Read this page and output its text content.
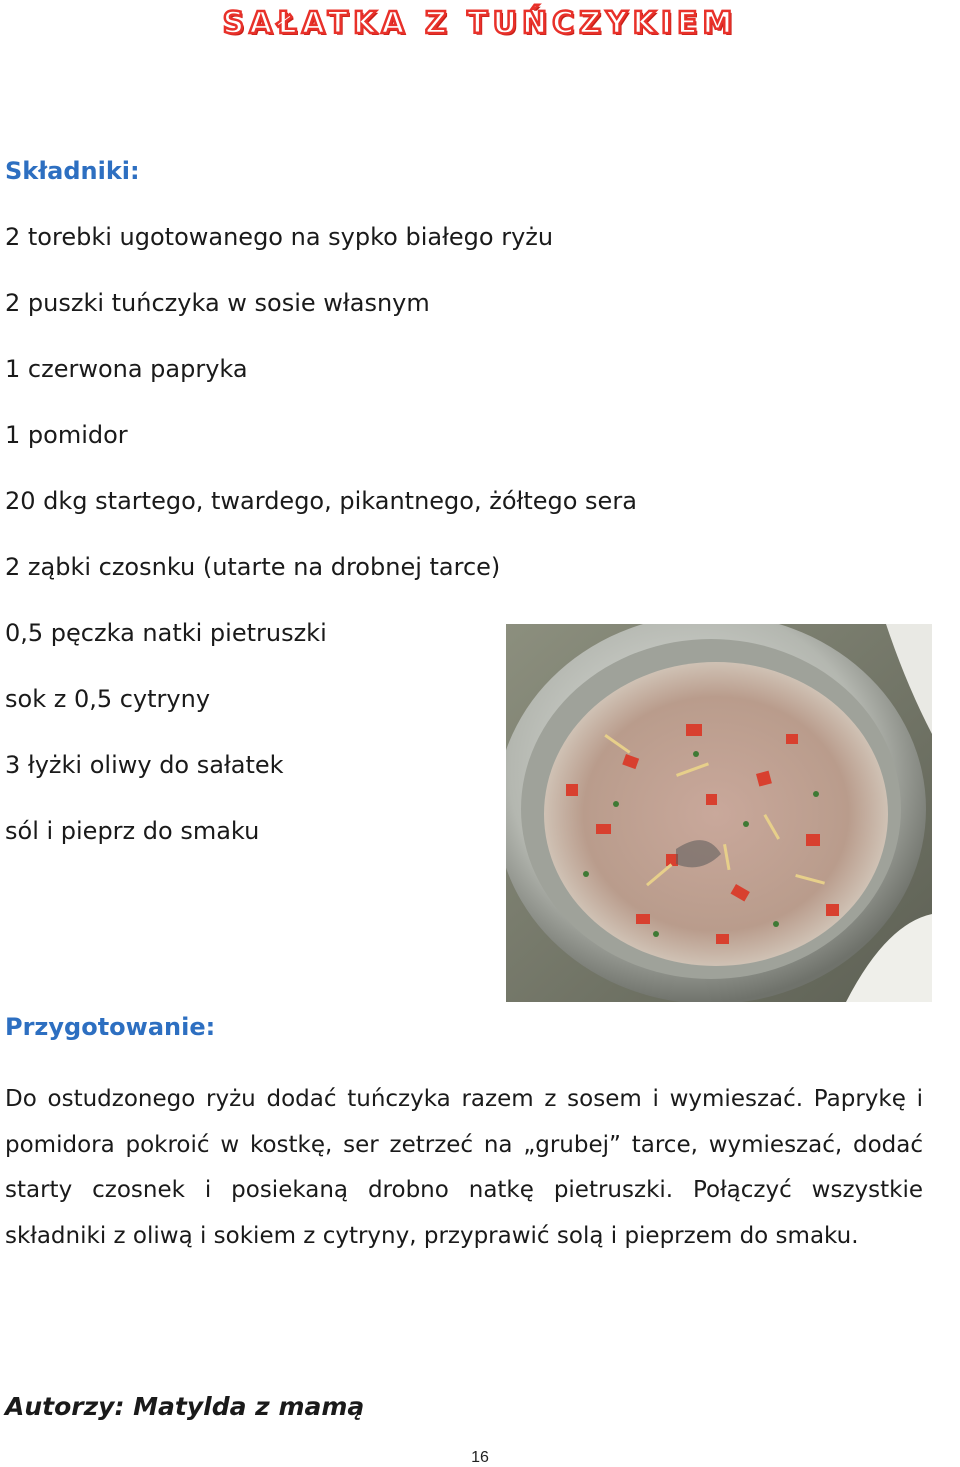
SAŁATKA Z TUŃCZYKIEM
Składniki:
2 torebki ugotowanego na sypko białego ryżu
2 puszki tuńczyka w sosie własnym
1 czerwona papryka
1 pomidor
20 dkg startego, twardego, pikantnego, żółtego sera
2 ząbki czosnku (utarte na drobnej tarce)
0,5 pęczka natki pietruszki
sok z 0,5 cytryny
3 łyżki oliwy do sałatek
sól i pieprz do smaku
Przygotowanie:

Do ostudzonego ryżu dodać tuńczyka razem z sosem i wymieszać. Paprykę i pomidora pokroić w kostkę, ser zetrzeć na „grubej” tarce, wymieszać, dodać starty czosnek i posiekaną drobno natkę pietruszki. Połączyć wszystkie składniki z oliwą i sokiem z cytryny, przyprawić solą i pieprzem do smaku.

Autorzy: Matylda z mamą
16
